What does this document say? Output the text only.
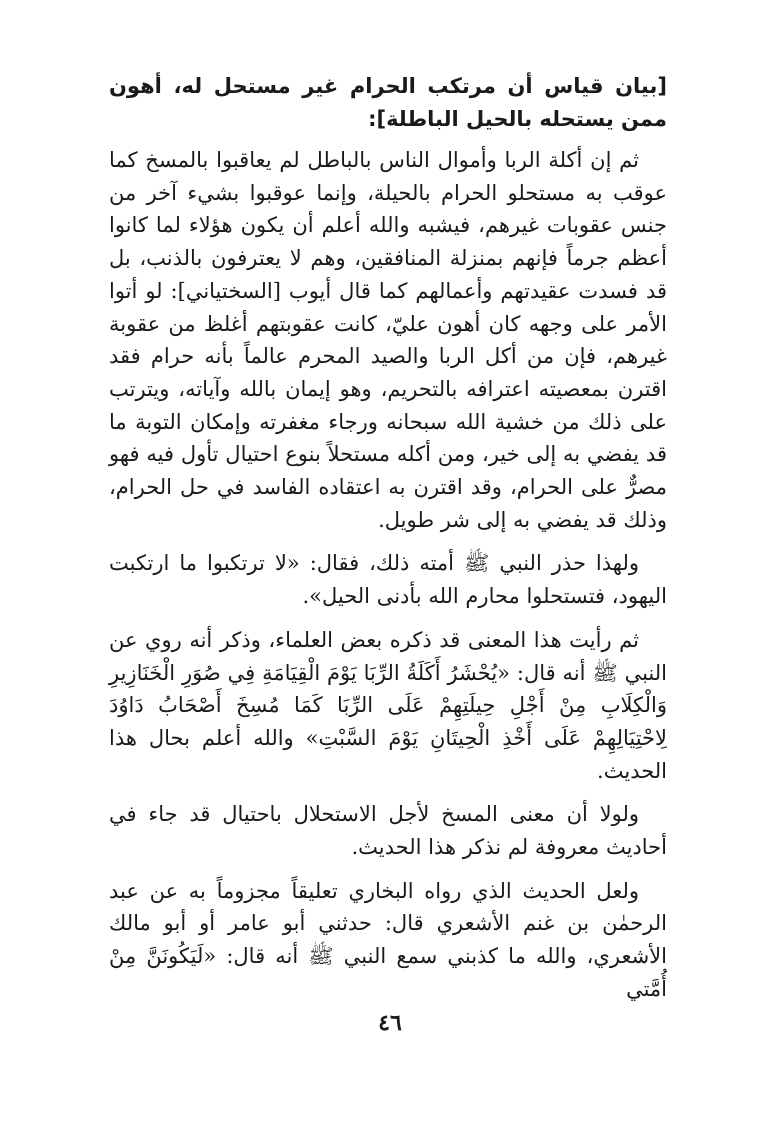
[بيان قياس أن مرتكب الحرام غير مستحل له، أهون ممن يستحله بالحيل الباطلة]:

ثم إن أكلة الربا وأموال الناس بالباطل لم يعاقبوا بالمسخ كما عوقب به مستحلو الحرام بالحيلة، وإنما عوقبوا بشيء آخر من جنس عقوبات غيرهم، فيشبه والله أعلم أن يكون هؤلاء لما كانوا أعظم جرماً فإنهم بمنزلة المنافقين، وهم لا يعترفون بالذنب، بل قد فسدت عقيدتهم وأعمالهم كما قال أيوب [السختياني]: لو أتوا الأمر على وجهه كان أهون عليّ، كانت عقوبتهم أغلظ من عقوبة غيرهم، فإن من أكل الربا والصيد المحرم عالماً بأنه حرام فقد اقترن بمعصيته اعترافه بالتحريم، وهو إيمان بالله وآياته، ويترتب على ذلك من خشية الله سبحانه ورجاء مغفرته وإمكان التوبة ما قد يفضي به إلى خير، ومن أكله مستحلاً بنوع احتيال تأول فيه فهو مصرٌّ على الحرام، وقد اقترن به اعتقاده الفاسد في حل الحرام، وذلك قد يفضي به إلى شر طويل.

ولهذا حذر النبي ﷺ أمته ذلك، فقال: «لا ترتكبوا ما ارتكبت اليهود، فتستحلوا محارم الله بأدنى الحيل».

ثم رأيت هذا المعنى قد ذكره بعض العلماء، وذكر أنه روي عن النبي ﷺ أنه قال: «يُحْشَرُ أَكَلَةُ الرِّبَا يَوْمَ الْقِيَامَةِ فِي صُوَرِ الْخَنَازِيرِ وَالْكِلَابِ مِنْ أَجْلِ حِيلَتِهِمْ عَلَى الرِّبَا كَمَا مُسِخَ أَصْحَابُ دَاوُدَ لِاحْتِيَالِهِمْ عَلَى أَخْذِ الْحِيتَانِ يَوْمَ السَّبْتِ» والله أعلم بحال هذا الحديث.

ولولا أن معنى المسخ لأجل الاستحلال باحتيال قد جاء في أحاديث معروفة لم نذكر هذا الحديث.

ولعل الحديث الذي رواه البخاري تعليقاً مجزوماً به عن عبد الرحمٰن بن غنم الأشعري قال: حدثني أبو عامر أو أبو مالك الأشعري، والله ما كذبني سمع النبي ﷺ أنه قال: «لَيَكُونَنَّ مِنْ أُمَّتي

٤٦
